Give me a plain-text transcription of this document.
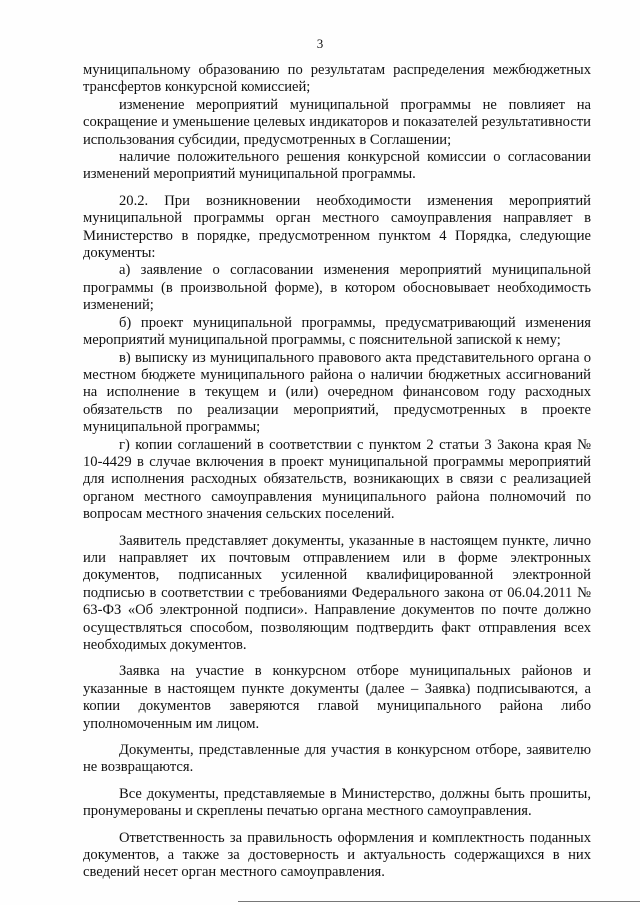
3

муниципальному образованию по результатам распределения межбюджетных трансфертов конкурсной комиссией;

изменение мероприятий муниципальной программы не повлияет на сокращение и уменьшение целевых индикаторов и показателей результативности использования субсидии, предусмотренных в Соглашении;

наличие положительного решения конкурсной комиссии о согласовании изменений мероприятий муниципальной программы.

20.2. При возникновении необходимости изменения мероприятий муниципальной программы орган местного самоуправления направляет в Министерство в порядке, предусмотренном пунктом 4 Порядка, следующие документы:

а) заявление о согласовании изменения мероприятий муниципальной программы (в произвольной форме), в котором обосновывает необходимость изменений;

б) проект муниципальной программы, предусматривающий изменения мероприятий муниципальной программы, с пояснительной запиской к нему;

в) выписку из муниципального правового акта представительного органа о местном бюджете муниципального района о наличии бюджетных ассигнований на исполнение в текущем и (или) очередном финансовом году расходных обязательств по реализации мероприятий, предусмотренных в проекте муниципальной программы;

г) копии соглашений в соответствии с пунктом 2 статьи 3 Закона края № 10-4429 в случае включения в проект муниципальной программы мероприятий для исполнения расходных обязательств, возникающих в связи с реализацией органом местного самоуправления муниципального района полномочий по вопросам местного значения сельских поселений.

Заявитель представляет документы, указанные в настоящем пункте, лично или направляет их почтовым отправлением или в форме электронных документов, подписанных усиленной квалифицированной электронной подписью в соответствии с требованиями Федерального закона от 06.04.2011 № 63-ФЗ «Об электронной подписи». Направление документов по почте должно осуществляться способом, позволяющим подтвердить факт отправления всех необходимых документов.

Заявка на участие в конкурсном отборе муниципальных районов и указанные в настоящем пункте документы (далее – Заявка) подписываются, а копии документов заверяются главой муниципального района либо уполномоченным им лицом.

Документы, представленные для участия в конкурсном отборе, заявителю не возвращаются.

Все документы, представляемые в Министерство, должны быть прошиты, пронумерованы и скреплены печатью органа местного самоуправления.

Ответственность за правильность оформления и комплектность поданных документов, а также за достоверность и актуальность содержащихся в них сведений несет орган местного самоуправления.
